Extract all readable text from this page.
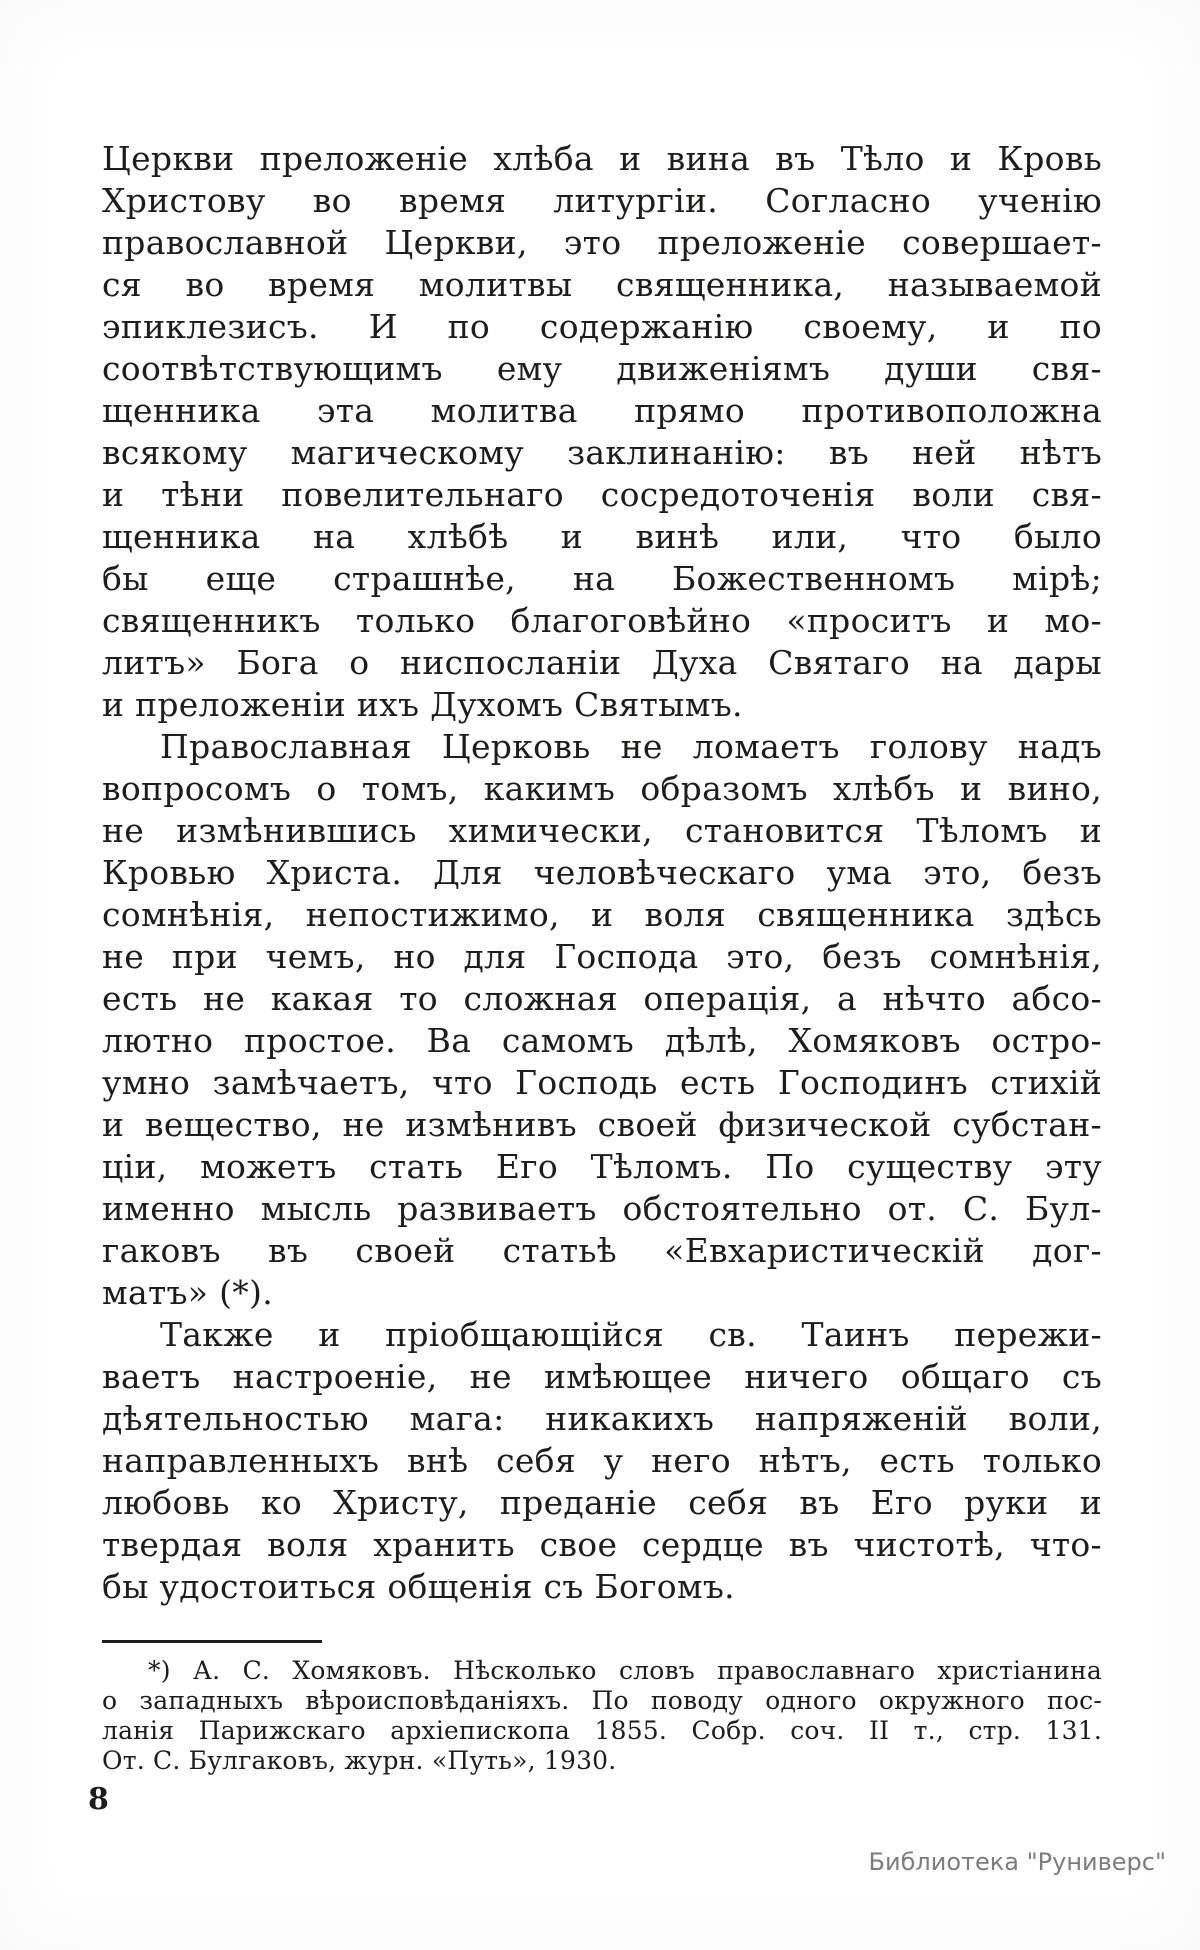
Церкви преложеніе хлѣба и вина въ Тѣло и Кровь
Христову во время литургіи. Согласно ученію
православной Церкви, это преложеніе совершает-
ся во время молитвы священника, называемой
эпиклезисъ. И по содержанію своему, и по
соотвѣтствующимъ ему движеніямъ души свя-
щенника эта молитва прямо противоположна
всякому магическому заклинанію: въ ней нѣтъ
и тѣни повелительнаго сосредоточенія воли свя-
щенника на хлѣбѣ и винѣ или, что было
бы еще страшнѣе, на Божественномъ мірѣ;
священникъ только благоговѣйно «проситъ и мо-
литъ» Бога о ниспосланіи Духа Святаго на дары
и преложеніи ихъ Духомъ Святымъ.
Православная Церковь не ломаетъ голову надъ
вопросомъ о томъ, какимъ образомъ хлѣбъ и вино,
не измѣнившись химически, становится Тѣломъ и
Кровью Христа. Для человѣческаго ума это, безъ
сомнѣнія, непостижимо, и воля священника здѣсь
не при чемъ, но для Господа это, безъ сомнѣнія,
есть не какая то сложная операція, а нѣчто абсо-
лютно простое. Ва самомъ дѣлѣ, Хомяковъ остро-
умно замѣчаетъ, что Господь есть Господинъ стихій
и вещество, не измѣнивъ своей физической субстан-
ціи, можетъ стать Его Тѣломъ. По существу эту
именно мысль развиваетъ обстоятельно от. С. Бул-
гаковъ въ своей статьѣ «Евхаристическій дог-
матъ» (*).
Также и пріобщающійся св. Таинъ пережи-
ваетъ настроеніе, не имѣющее ничего общаго съ
дѣятельностью мага: никакихъ напряженій воли,
направленныхъ внѣ себя у него нѣтъ, есть только
любовь ко Христу, преданіе себя въ Его руки и
твердая воля хранить свое сердце въ чистотѣ, что-
бы удостоиться общенія съ Богомъ.
*) А. С. Хомяковъ. Нѣсколько словъ православнаго христіанина
о западныхъ вѣроисповѣданіяхъ. По поводу одного окружного пос-
ланія Парижскаго архіепископа 1855. Собр. соч. II т., стр. 131.
От. С. Булгаковъ, журн. «Путь», 1930.
8
Библиотека "Руниверс"
